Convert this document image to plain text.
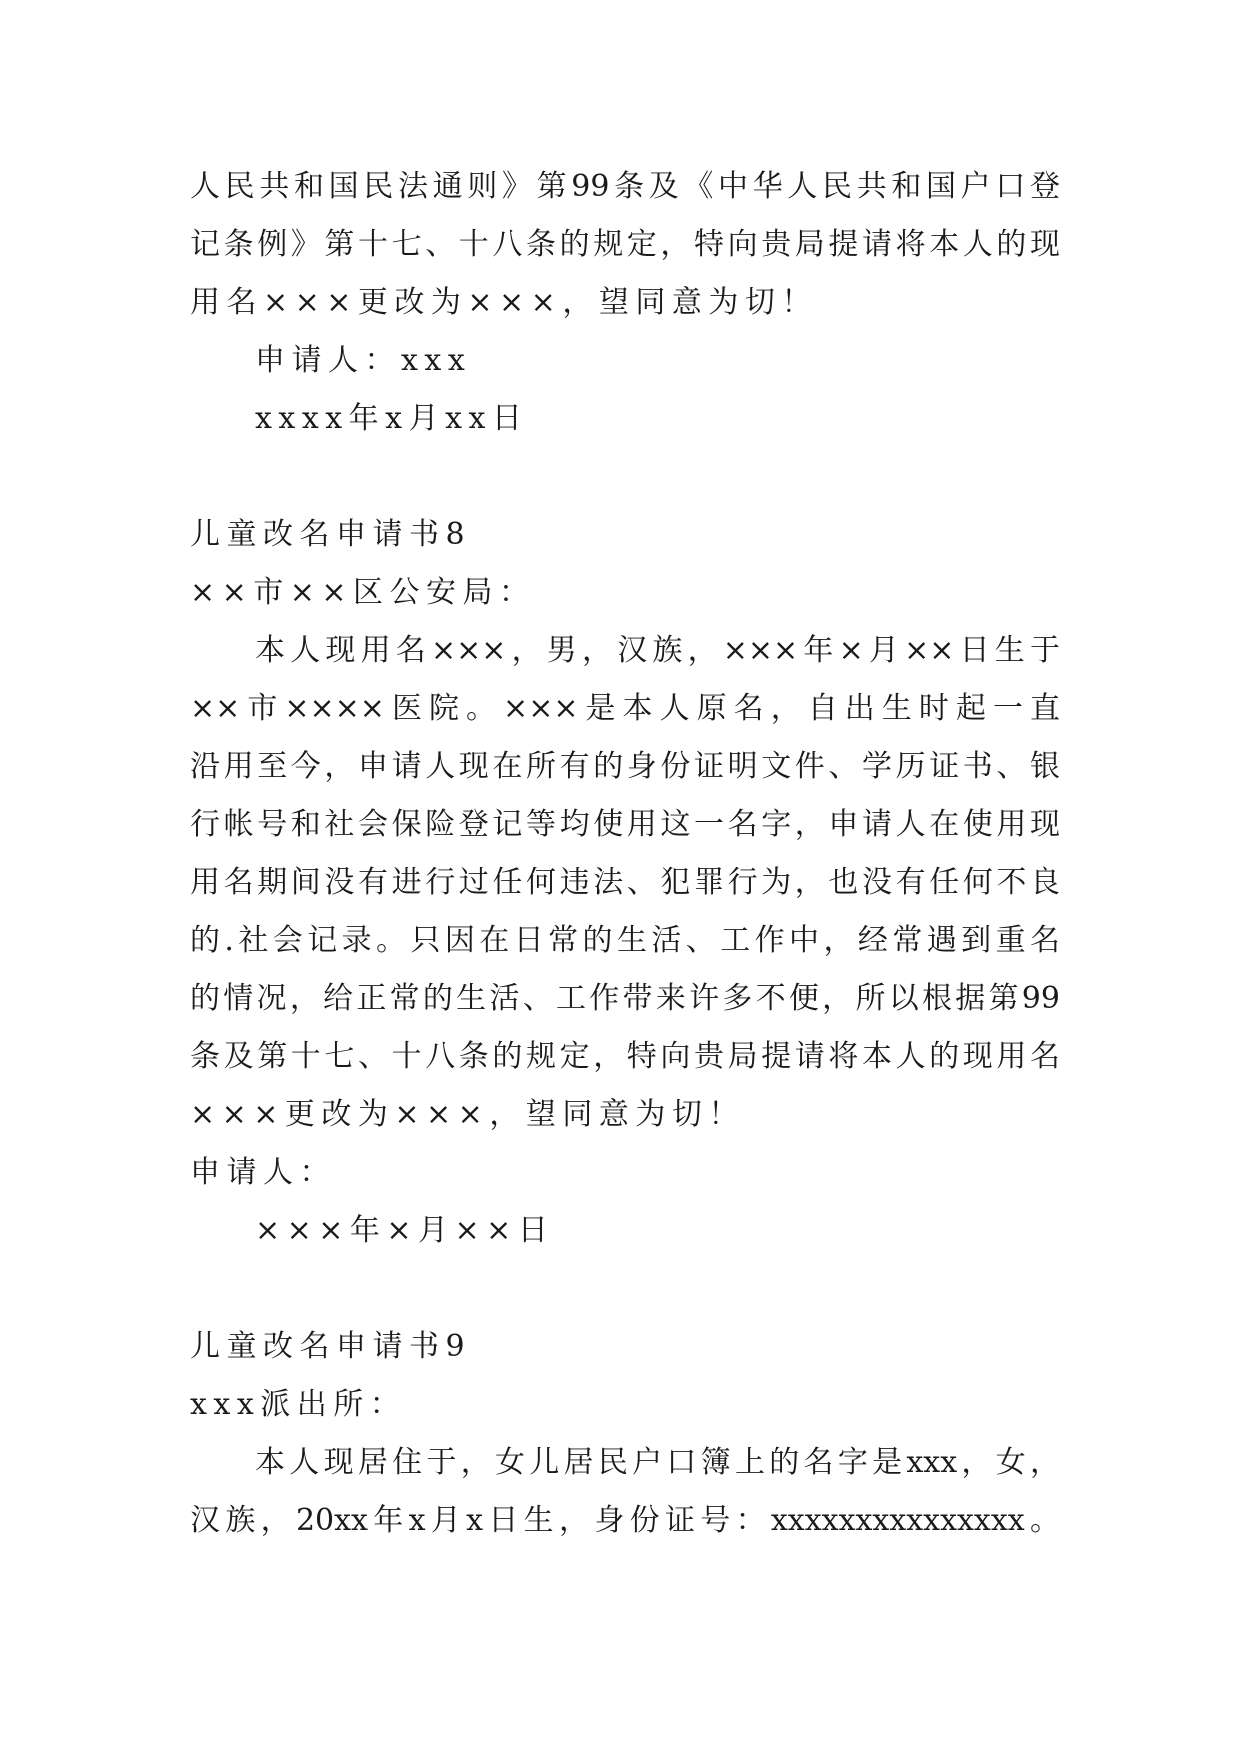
人民共和国民法通则》第99条及《中华人民共和国户口登
记条例》第十七、十八条的规定，特向贵局提请将本人的现
用名×××更改为×××，望同意为切！
申请人：xxx
xxxx年x月xx日
儿童改名申请书8
××市××区公安局：
本人现用名×××，男，汉族，×××年×月××日生于
××市××××医院。×××是本人原名，自出生时起一直
沿用至今，申请人现在所有的身份证明文件、学历证书、银
行帐号和社会保险登记等均使用这一名字，申请人在使用现
用名期间没有进行过任何违法、犯罪行为，也没有任何不良
的.社会记录。只因在日常的生活、工作中，经常遇到重名
的情况，给正常的生活、工作带来许多不便，所以根据第99
条及第十七、十八条的规定，特向贵局提请将本人的现用名
×××更改为×××，望同意为切！
申请人：
×××年×月××日
儿童改名申请书9
xxx派出所：
本人现居住于，女儿居民户口簿上的名字是xxx，女，
汉族，20xx年x月x日生，身份证号：xxxxxxxxxxxxxxx。
